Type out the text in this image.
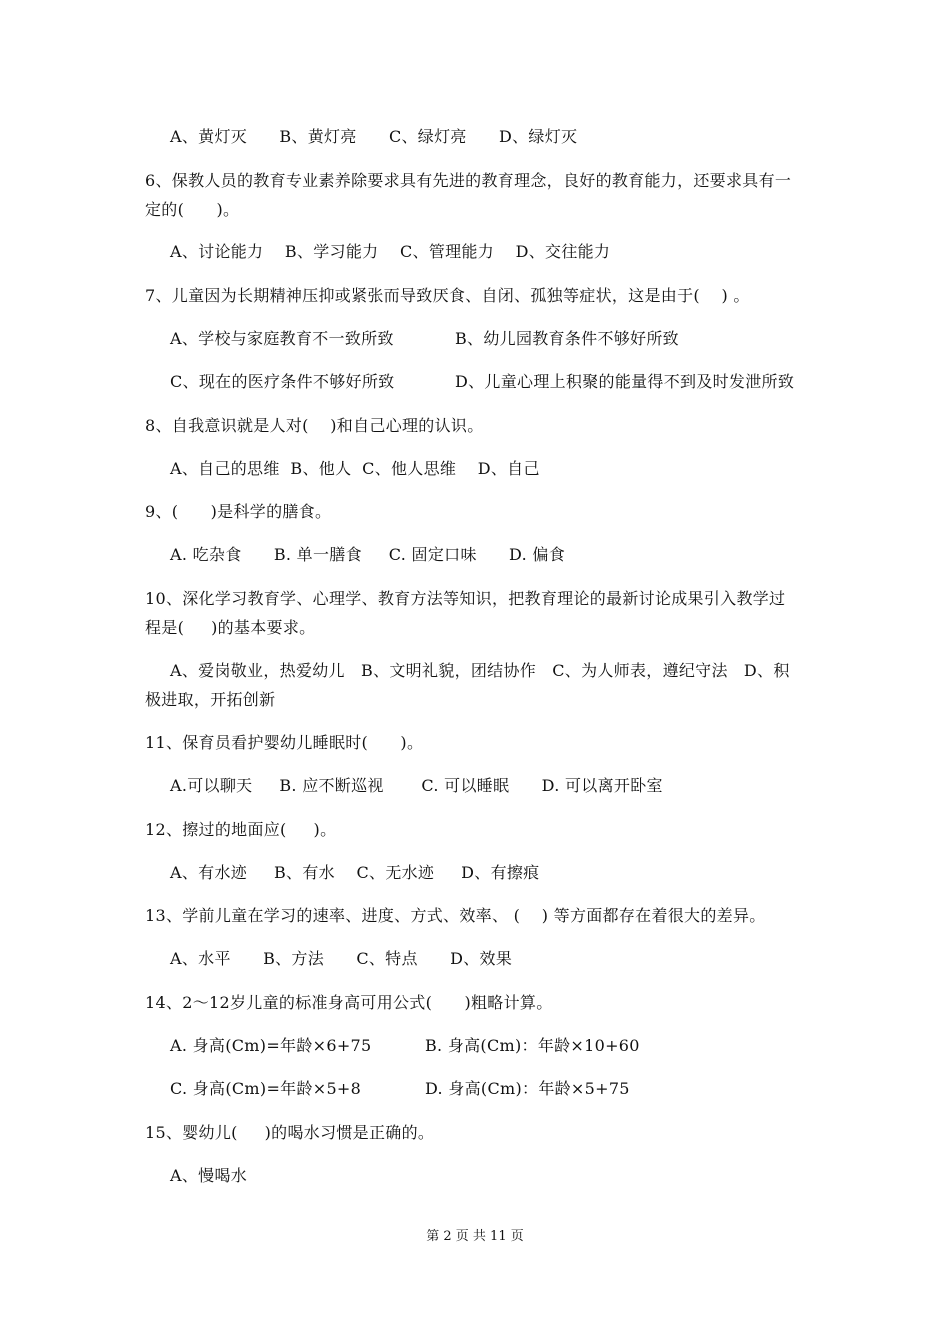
A、黄灯灭      B、黄灯亮      C、绿灯亮      D、绿灯灭
6、保教人员的教育专业素养除要求具有先进的教育理念，良好的教育能力，还要求具有一
定的(      )。
A、讨论能力    B、学习能力    C、管理能力    D、交往能力
7、儿童因为长期精神压抑或紧张而导致厌食、自闭、孤独等症状，这是由于(    ) 。
A、学校与家庭教育不一致所致	B、幼儿园教育条件不够好所致
C、现在的医疗条件不够好所致	D、儿童心理上积聚的能量得不到及时发泄所致
8、自我意识就是人对(    )和自己心理的认识。
A、自己的思维  B、他人  C、他人思维    D、自己
9、(      )是科学的膳食。
A. 吃杂食      B. 单一膳食     C. 固定口味      D. 偏食
10、深化学习教育学、心理学、教育方法等知识，把教育理论的最新讨论成果引入教学过
程是(     )的基本要求。
A、爱岗敬业，热爱幼儿   B、文明礼貌，团结协作   C、为人师表，遵纪守法   D、积
极进取，开拓创新
11、保育员看护婴幼儿睡眠时(      )。
A.可以聊天     B. 应不断巡视       C. 可以睡眠      D. 可以离开卧室
12、擦过的地面应(     )。
A、有水迹     B、有水    C、无水迹     D、有擦痕
13、学前儿童在学习的速率、进度、方式、效率、 (    ) 等方面都存在着很大的差异。
A、水平      B、方法      C、特点      D、效果
14、2～12岁儿童的标准身高可用公式(      )粗略计算。
A. 身高(Cm)=年龄×6+75	B. 身高(Cm)：年龄×10+60
C. 身高(Cm)=年龄×5+8	D. 身高(Cm)：年龄×5+75
15、婴幼儿(     )的喝水习惯是正确的。
A、慢喝水
第 2 页 共 11 页
